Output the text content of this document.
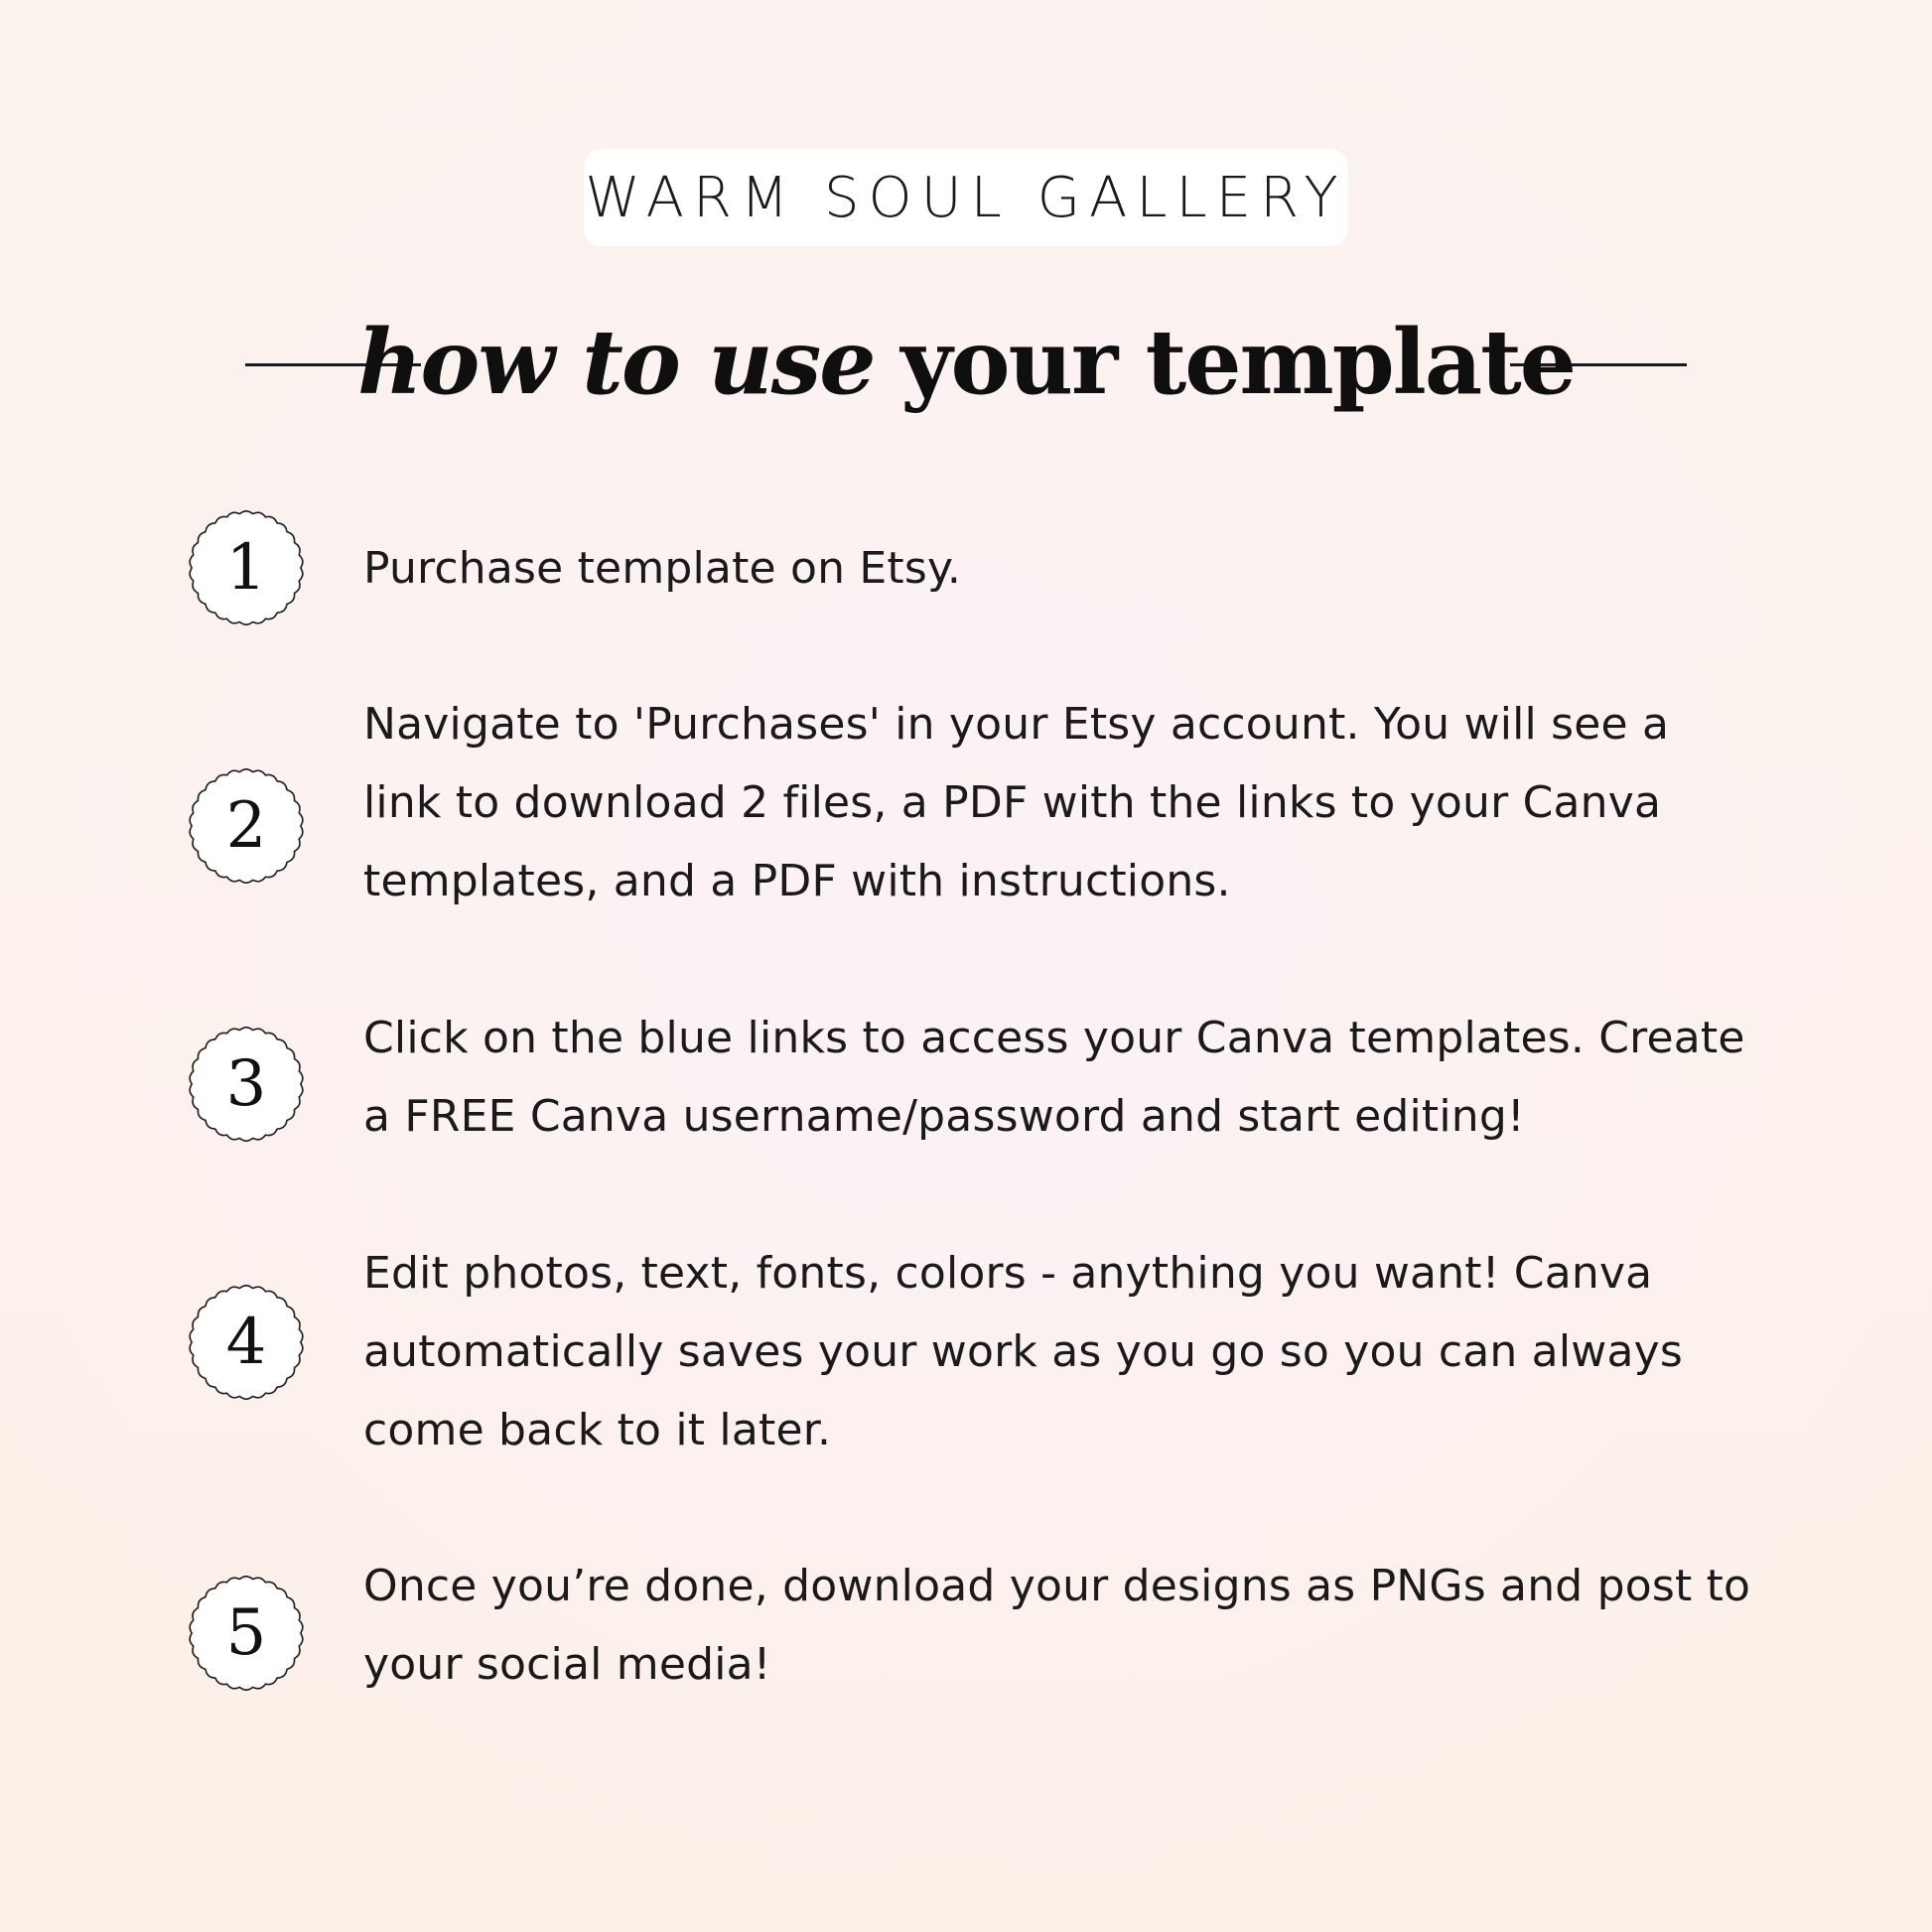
WARM SOUL GALLERY
how to use your template
1	Purchase template on Etsy.
2
Navigate to 'Purchases' in your Etsy account. You will see a link to download 2 files, a PDF with the links to your Canva templates, and a PDF with instructions.
3
Click on the blue links to access your Canva templates. Create a FREE Canva username/password and start editing!
4
Edit photos, text, fonts, colors - anything you want! Canva automatically saves your work as you go so you can always come back to it later.
5
Once you’re done, download your designs as PNGs and post to your social media!
